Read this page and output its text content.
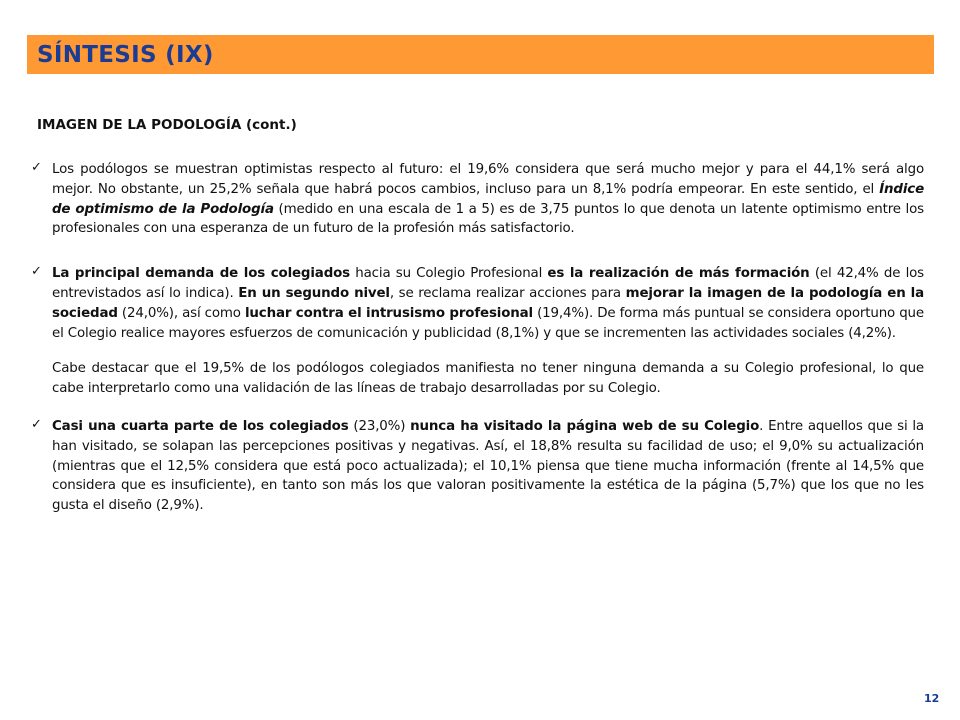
SÍNTESIS (IX)
IMAGEN DE LA PODOLOGÍA (cont.)
✓ Los podólogos se muestran optimistas respecto al futuro: el 19,6% considera que será mucho mejor y para el 44,1% será algo mejor. No obstante, un 25,2% señala que habrá pocos cambios, incluso para un 8,1% podría empeorar. En este sentido, el Índice de optimismo de la Podología (medido en una escala de 1 a 5) es de 3,75 puntos lo que denota un latente optimismo entre los profesionales con una esperanza de un futuro de la profesión más satisfactorio.

✓ La principal demanda de los colegiados hacia su Colegio Profesional es la realización de más formación (el 42,4% de los entrevistados así lo indica). En un segundo nivel, se reclama realizar acciones para mejorar la imagen de la podología en la sociedad (24,0%), así como luchar contra el intrusismo profesional (19,4%). De forma más puntual se considera oportuno que el Colegio realice mayores esfuerzos de comunicación y publicidad (8,1%) y que se incrementen las actividades sociales (4,2%).

Cabe destacar que el 19,5% de los podólogos colegiados manifiesta no tener ninguna demanda a su Colegio profesional, lo que cabe interpretarlo como una validación de las líneas de trabajo desarrolladas por su Colegio.

✓ Casi una cuarta parte de los colegiados (23,0%) nunca ha visitado la página web de su Colegio. Entre aquellos que si la han visitado, se solapan las percepciones positivas y negativas. Así, el 18,8% resulta su facilidad de uso; el 9,0% su actualización (mientras que el 12,5% considera que está poco actualizada); el 10,1% piensa que tiene mucha información (frente al 14,5% que considera que es insuficiente), en tanto son más los que valoran positivamente la estética de la página (5,7%) que los que no les gusta el diseño (2,9%).

12
